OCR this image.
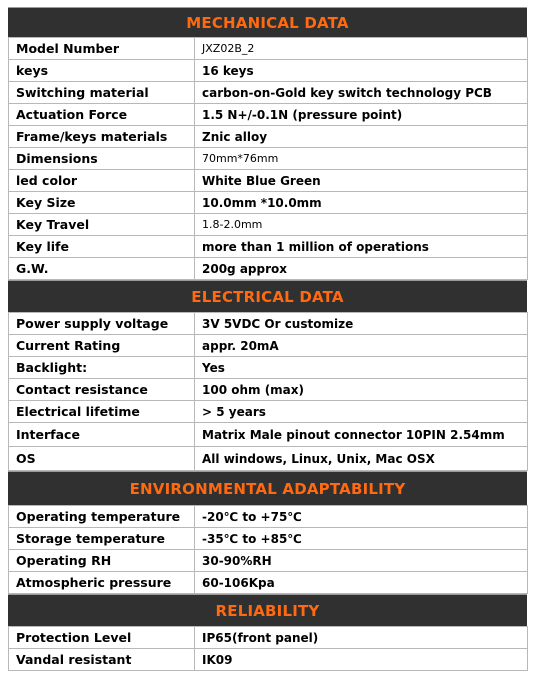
MECHANICAL DATA
Model Number	JXZ02B_2
keys	16 keys
Switching material	carbon-on-Gold key switch technology PCB
Actuation Force	1.5 N+/-0.1N (pressure point)
Frame/keys materials	Znic alloy
Dimensions	70mm*76mm
led color	White Blue Green
Key Size	10.0mm *10.0mm
Key Travel	1.8-2.0mm
Key life	more than 1 million of operations
G.W.	200g approx
ELECTRICAL DATA
Power supply voltage	3V 5VDC Or customize
Current Rating	appr. 20mA
Backlight:	Yes
Contact resistance	100 ohm (max)
Electrical lifetime	> 5 years
Interface	Matrix Male pinout connector 10PIN 2.54mm
OS	All windows, Linux, Unix, Mac OSX
ENVIRONMENTAL ADAPTABILITY
Operating temperature	-20℃ to +75℃
Storage temperature	-35℃ to +85℃
Operating RH	30-90%RH
Atmospheric pressure	60-106Kpa
RELIABILITY
Protection Level	IP65(front panel)
Vandal resistant	IK09
